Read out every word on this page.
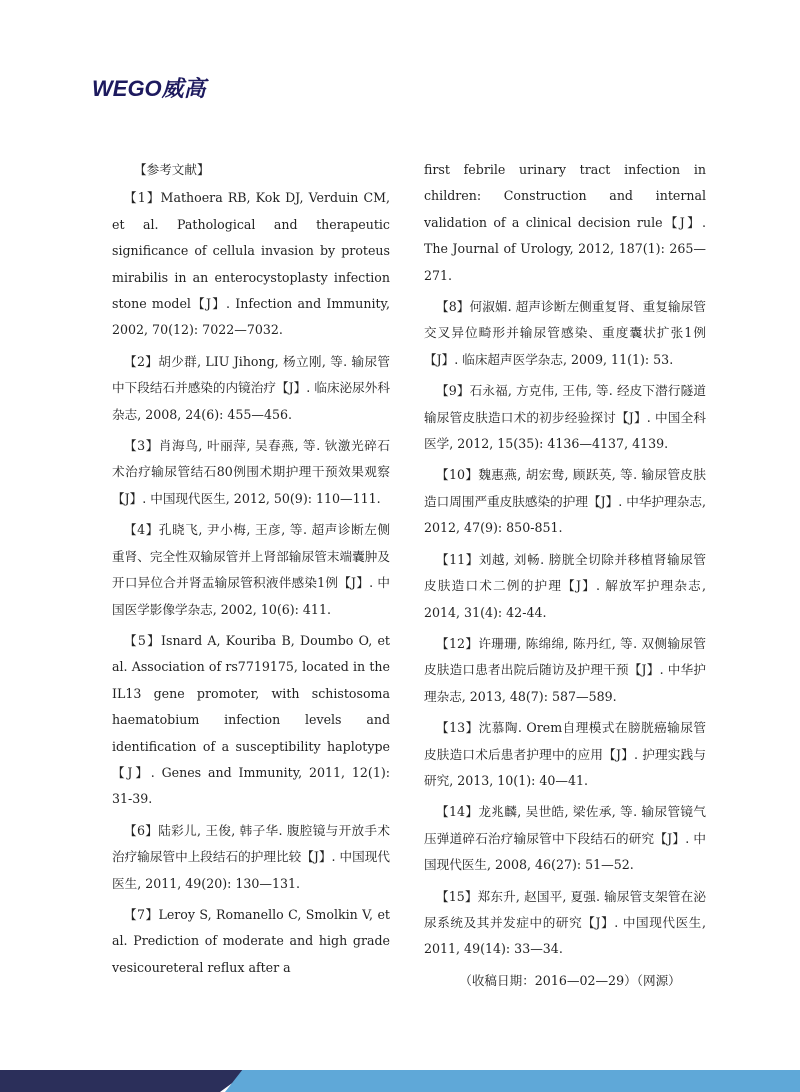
WEGO威高

【参考文献】

【1】Mathoera RB, Kok DJ, Verduin CM, et al. Pathological and therapeutic significance of cellula invasion by proteus mirabilis in an enterocystoplasty infection stone model【J】. Infection and Immunity, 2002, 70(12): 7022—7032.

【2】胡少群, LIU Jihong, 杨立刚, 等. 输尿管中下段结石并感染的内镜治疗【J】. 临床泌尿外科杂志, 2008, 24(6): 455—456.

【3】肖海鸟, 叶丽萍, 吴春燕, 等. 钬激光碎石术治疗输尿管结石80例围术期护理干预效果观察【J】. 中国现代医生, 2012, 50(9): 110—111.

【4】孔晓飞, 尹小梅, 王彦, 等. 超声诊断左侧重肾、完全性双输尿管并上肾部输尿管末端囊肿及开口异位合并肾盂输尿管积液伴感染1例【J】. 中国医学影像学杂志, 2002, 10(6): 411.

【5】Isnard A, Kouriba B, Doumbo O, et al. Association of rs7719175, located in the IL13 gene promoter, with schistosoma haematobium infection levels and identification of a susceptibility haplotype【J】. Genes and Immunity, 2011, 12(1): 31-39.

【6】陆彩儿, 王俊, 韩子华. 腹腔镜与开放手术治疗输尿管中上段结石的护理比较【J】. 中国现代医生, 2011, 49(20): 130—131.

【7】Leroy S, Romanello C, Smolkin V, et al. Prediction of moderate and high grade vesicoureteral reflux after a

first febrile urinary tract infection in children: Construction and internal validation of a clinical decision rule【J】. The Journal of Urology, 2012, 187(1): 265—271.

【8】何淑媚. 超声诊断左侧重复肾、重复输尿管交叉异位畸形并输尿管感染、重度囊状扩张1例【J】. 临床超声医学杂志, 2009, 11(1): 53.

【9】石永福, 方克伟, 王伟, 等. 经皮下潜行隧道输尿管皮肤造口术的初步经验探讨【J】. 中国全科医学, 2012, 15(35): 4136—4137, 4139.

【10】魏惠燕, 胡宏鸯, 顾跃英, 等. 输尿管皮肤造口周围严重皮肤感染的护理【J】. 中华护理杂志, 2012, 47(9): 850-851.

【11】刘越, 刘畅. 膀胱全切除并移植肾输尿管皮肤造口术二例的护理【J】. 解放军护理杂志, 2014, 31(4): 42-44.

【12】许珊珊, 陈绵绵, 陈丹红, 等. 双侧输尿管皮肤造口患者出院后随访及护理干预【J】. 中华护理杂志, 2013, 48(7): 587—589.

【13】沈慕陶. Orem自理模式在膀胱癌输尿管皮肤造口术后患者护理中的应用【J】. 护理实践与研究, 2013, 10(1): 40—41.

【14】龙兆麟, 吴世皓, 梁佐承, 等. 输尿管镜气压弹道碎石治疗输尿管中下段结石的研究【J】. 中国现代医生, 2008, 46(27): 51—52.

【15】郑东升, 赵国平, 夏强. 输尿管支架管在泌尿系统及其并发症中的研究【J】. 中国现代医生, 2011, 49(14): 33—34.

（收稿日期：2016—02—29）（网源）
